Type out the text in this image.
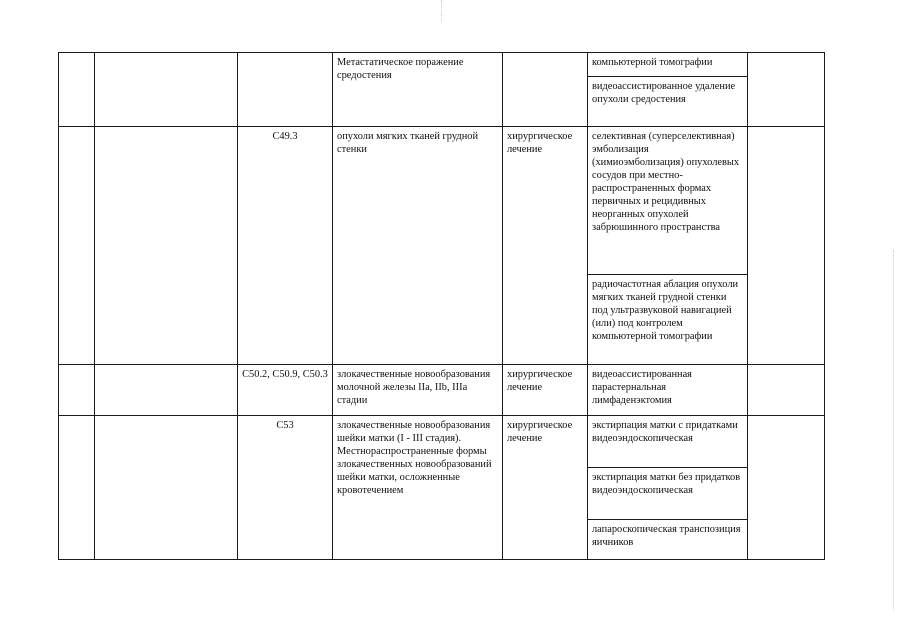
			Метастатическое поражение средостения		компьютерной томографии	
					видеоассистированное удаление опухоли средостения	
		C49.3	опухоли мягких тканей грудной стенки	хирургическое лечение	селективная (суперселективная) эмболизация (химиоэмболизация) опухолевых сосудов при местно-распространенных формах первичных и рецидивных неорганных опухолей забрюшинного пространства	
					радиочастотная аблация опухоли мягких тканей грудной стенки под ультразвуковой навигацией (или) под контролем компьютерной томографии	
		C50.2, C50.9, C50.3	злокачественные новообразования молочной железы IIa, IIb, IIIa стадии	хирургическое лечение	видеоассистированная парастернальная лимфаденэктомия	
		C53	злокачественные новообразования шейки матки (I - III стадия). Местнораспространенные формы злокачественных новообразований шейки матки, осложненные кровотечением	хирургическое лечение	экстирпация матки с придатками видеоэндоскопическая	
					экстирпация матки без придатков видеоэндоскопическая	
					лапароскопическая транспозиция яичников	
